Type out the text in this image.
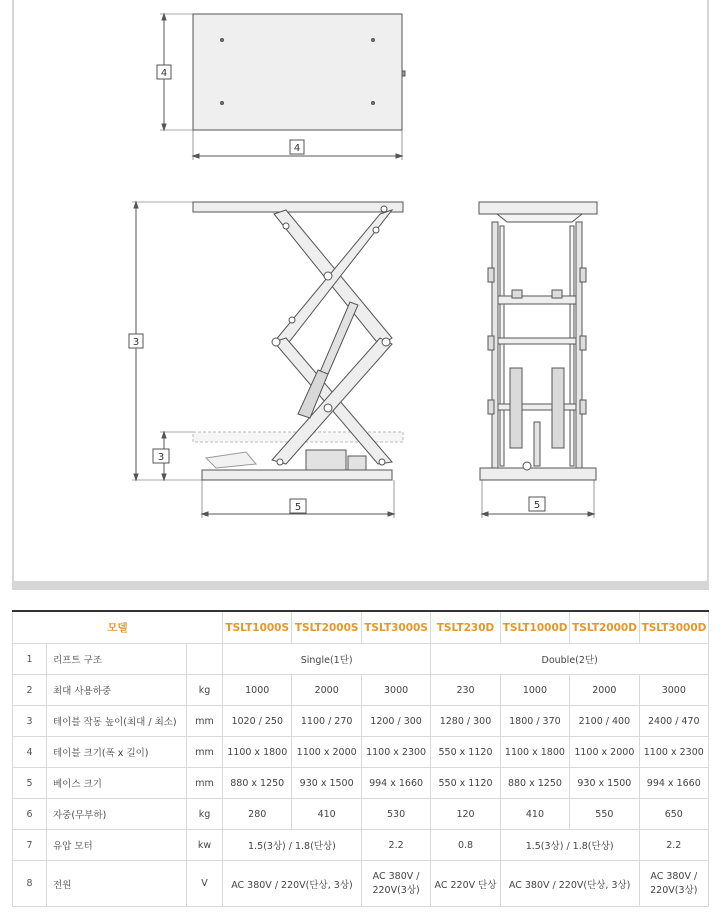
4
4
3
3
5	5
모델			TSLT1000S	TSLT2000S	TSLT3000S	TSLT230D	TSLT1000D	TSLT2000D	TSLT3000D
1	리프트 구조		Single(1단)			Double(2단)			
2	최대 사용하중	kg	1000	2000	3000	230	1000	2000	3000
3	테이블 작동 높이(최대 / 최소)	mm	1020 / 250	1100 / 270	1200 / 300	1280 / 300	1800 / 370	2100 / 400	2400 / 470
4	테이블 크기(폭 x 길이)	mm	1100 x 1800	1100 x 2000	1100 x 2300	550 x 1120	1100 x 1800	1100 x 2000	1100 x 2300
5	베이스 크기	mm	880 x 1250	930 x 1500	994 x 1660	550 x 1120	880 x 1250	930 x 1500	994 x 1660
6	자중(무부하)	kg	280	410	530	120	410	550	650
7	유압 모터	kw	1.5(3상) / 1.8(단상)		2.2	0.8	1.5(3상) / 1.8(단상)		2.2
8	전원	V	AC 380V / 220V(단상, 3상)		AC 380V /
220V(3상)	AC 220V 단상	AC 380V / 220V(단상, 3상)		AC 380V /
220V(3상)
